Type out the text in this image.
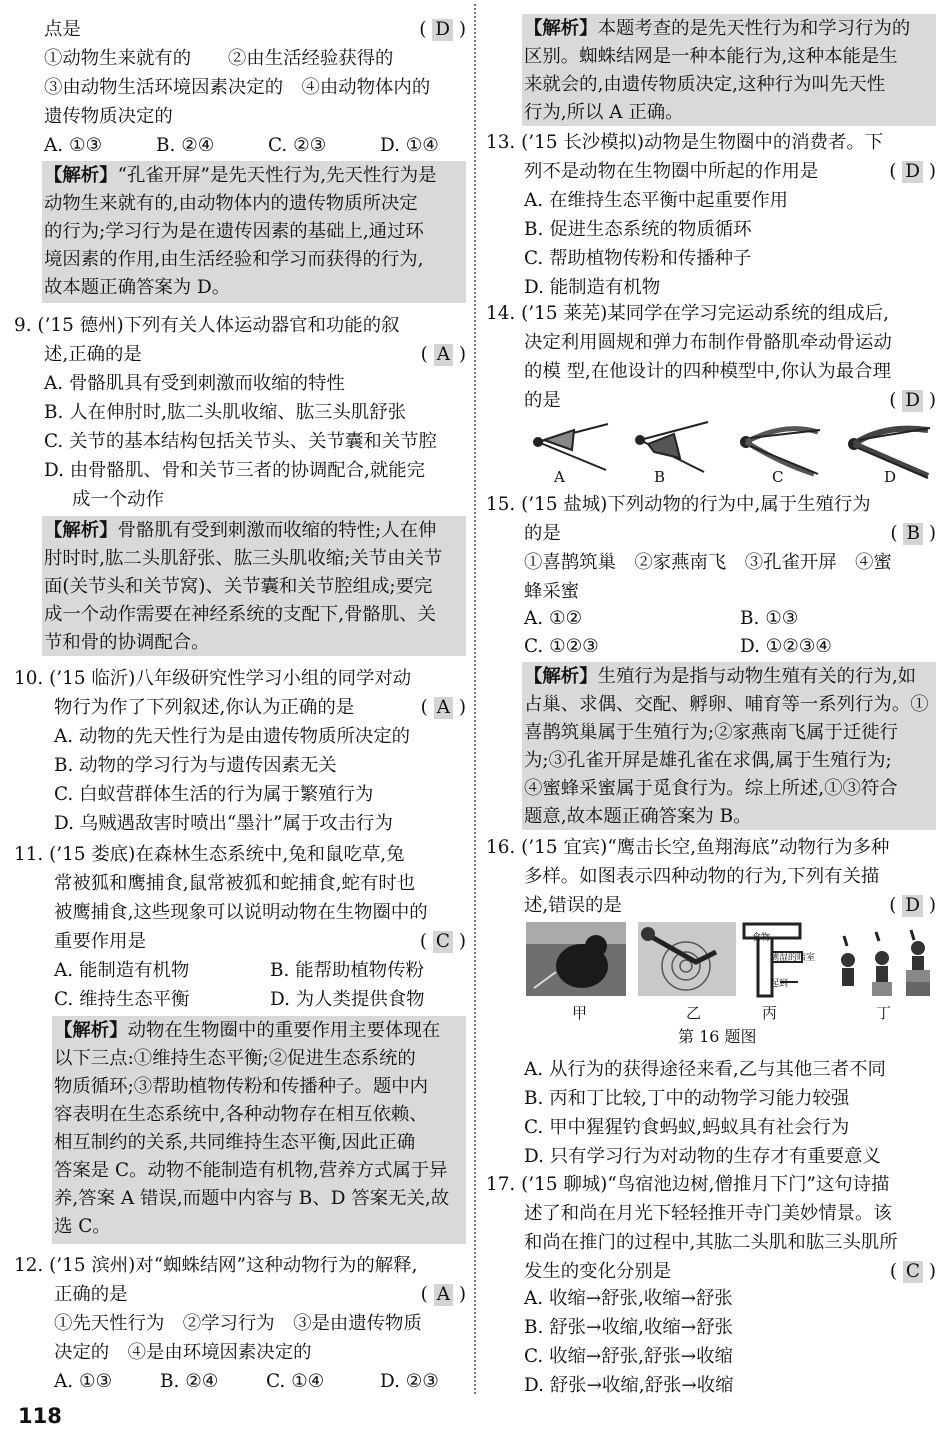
点是	( D )
①动物生来就有的　　②由生活经验获得的
③由动物生活环境因素决定的　④由动物体内的
遗传物质决定的
A. ①③	B. ②④	C. ②③	D. ①④
【解析】“孔雀开屏”是先天性行为,先天性行为是
动物生来就有的,由动物体内的遗传物质所决定
的行为;学习行为是在遗传因素的基础上,通过环
境因素的作用,由生活经验和学习而获得的行为,
故本题正确答案为 D。
9. (’15 德州)下列有关人体运动器官和功能的叙
述,正确的是	( A )
A. 骨骼肌具有受到刺激而收缩的特性
B. 人在伸肘时,肱二头肌收缩、肱三头肌舒张
C. 关节的基本结构包括关节头、关节囊和关节腔
D. 由骨骼肌、骨和关节三者的协调配合,就能完
成一个动作
【解析】骨骼肌有受到刺激而收缩的特性;人在伸
肘时时,肱二头肌舒张、肱三头肌收缩;关节由关节
面(关节头和关节窝)、关节囊和关节腔组成;要完
成一个动作需要在神经系统的支配下,骨骼肌、关
节和骨的协调配合。
10. (’15 临沂)八年级研究性学习小组的同学对动
物行为作了下列叙述,你认为正确的是	( A )
A. 动物的先天性行为是由遗传物质所决定的
B. 动物的学习行为与遗传因素无关
C. 白蚁营群体生活的行为属于繁殖行为
D. 乌贼遇敌害时喷出“墨汁”属于攻击行为
11. (’15 娄底)在森林生态系统中,兔和鼠吃草,兔
常被狐和鹰捕食,鼠常被狐和蛇捕食,蛇有时也
被鹰捕食,这些现象可以说明动物在生物圈中的
重要作用是	( C )
A. 能制造有机物	B. 能帮助植物传粉
C. 维持生态平衡	D. 为人类提供食物
【解析】动物在生物圈中的重要作用主要体现在
以下三点:①维持生态平衡;②促进生态系统的
物质循环;③帮助植物传粉和传播种子。题中内
容表明在生态系统中,各种动物存在相互依赖、
相互制约的关系,共同维持生态平衡,因此正确
答案是 C。动物不能制造有机物,营养方式属于异
养,答案 A 错误,而题中内容与 B、D 答案无关,故
选 C。
12. (’15 滨州)对“蜘蛛结网”这种动物行为的解释,
正确的是	( A )
①先天性行为　②学习行为　③是由遗传物质
决定的　④是由环境因素决定的
A. ①③	B. ②④	C. ①④	D. ②③
【解析】本题考查的是先天性行为和学习行为的
区别。蜘蛛结网是一种本能行为,这种本能是生
来就会的,由遗传物质决定,这种行为叫先天性
行为,所以 A 正确。
13. (’15 长沙模拟)动物是生物圈中的消费者。下
列不是动物在生物圈中所起的作用是	( D )
A. 在维持生态平衡中起重要作用
B. 促进生态系统的物质循环
C. 帮助植物传粉和传播种子
D. 能制造有机物
14. (’15 莱芜)某同学在学习完运动系统的组成后,
决定利用圆规和弹力布制作骨骼肌牵动骨运动
的模 型,在他设计的四种模型中,你认为最合理
的是	( D )
A	B	C	D
15. (’15 盐城)下列动物的行为中,属于生殖行为
的是	( B )
①喜鹊筑巢　②家燕南飞　③孔雀开屏　④蜜
蜂采蜜
A. ①②	B. ①③
C. ①②③	D. ①②③④
【解析】生殖行为是指与动物生殖有关的行为,如
占巢、求偶、交配、孵卵、哺育等一系列行为。①
喜鹊筑巢属于生殖行为;②家燕南飞属于迁徙行
为;③孔雀开屏是雄孔雀在求偶,属于生殖行为;
④蜜蜂采蜜属于觅食行为。综上所述,①③符合
题意,故本题正确答案为 B。
16. (’15 宜宾)“鹰击长空,鱼翔海底”动物行为多种
多样。如图表示四种动物的行为,下列有关描
述,错误的是	( D )
食物
测湿的暗室
起到
甲	乙	丙	丁
第 16 题图
A. 从行为的获得途径来看,乙与其他三者不同
B. 丙和丁比较,丁中的动物学习能力较强
C. 甲中猩猩钓食蚂蚁,蚂蚁具有社会行为
D. 只有学习行为对动物的生存才有重要意义
17. (’15 聊城)“鸟宿池边树,僧推月下门”这句诗描
述了和尚在月光下轻轻推开寺门美妙情景。该
和尚在推门的过程中,其肱二头肌和肱三头肌所
发生的变化分别是	( C )
A. 收缩→舒张,收缩→舒张
B. 舒张→收缩,收缩→舒张
C. 收缩→舒张,舒张→收缩
D. 舒张→收缩,舒张→收缩
118
